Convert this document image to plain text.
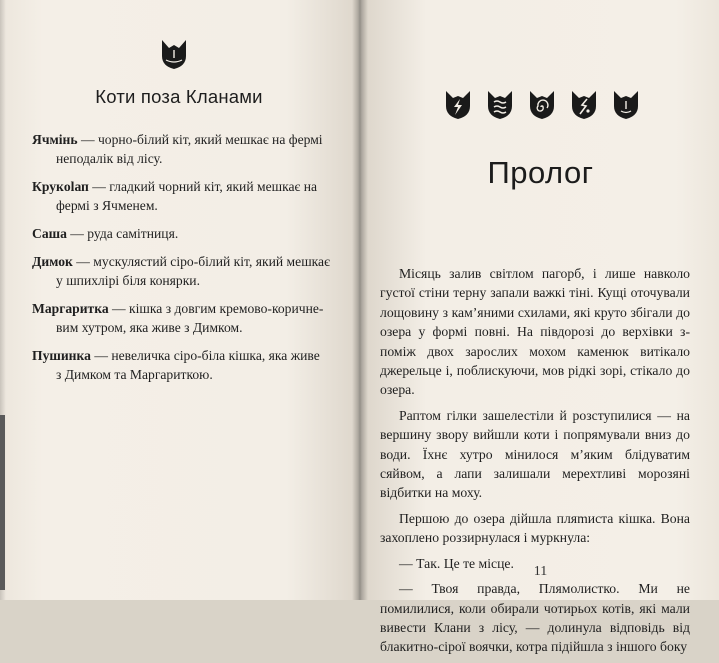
Коти поза Кланами
Ячмінь — чорно-білий кіт, який мешкає на фермі
неподалік від лісу.
Крукolап — гладкий чорний кіт, який мешкає на
фермі з Ячменем.
Саша — руда самітниця.
Димок — мускулястий сіро-білий кіт, який мешкає
у шпихлірі біля конярки.
Маргаритка — кішка з довгим кремово-коричне-
вим хутром, яка живе з Димком.
Пушинка — невеличка сіро-біла кішка, яка живе
з Димком та Маргариткою.
Пролог

Місяць залив світлом пагорб, і лише навколо густої стіни терну запали важкі тіні. Кущі оточували лощовину з кам’яними схилами, які круто збігали до озера у формі повні. На півдорозі до верхівки з-поміж двох зарослих мохом каменюк витікало джерельце і, поблискуючи, мов рідкі зорі, стікало до озера.

Раптом гілки зашелестіли й розступилися — на вершину звору вийшли коти і попрямували вниз до води. Їхнє хутро мінилося м’яким блідуватим сяйвом, а лапи залишали мерехтливі морозяні відбитки на моху.

Першою до озера дійшла пляmиста кішка. Вона захоплено роззирнулася і муркнула:

— Так. Це те місце.

— Твоя правда, Плямолистко. Ми не помилилися, коли обирали чотирьох котів, які мали вивести Клани з лісу, — долинула відповідь від блакитно-сірої воячки, котра підійшла з іншого боку

11
